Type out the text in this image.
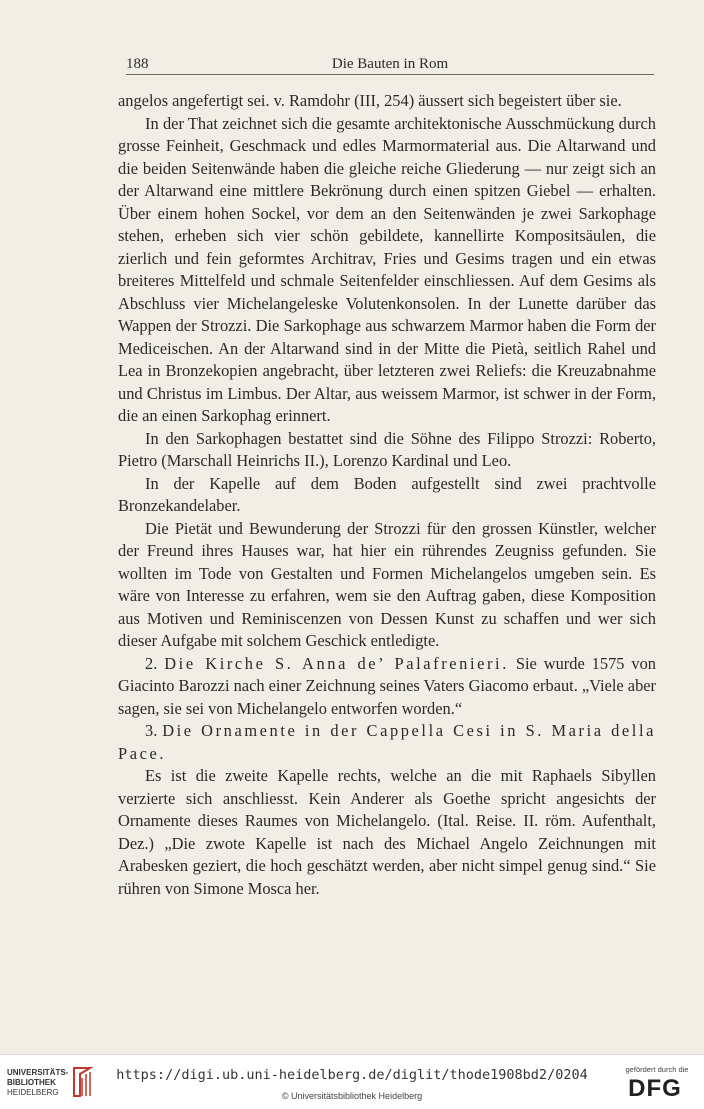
188	Die Bauten in Rom

angelos angefertigt sei. v. Ramdohr (III, 254) äussert sich begeistert über sie.

In der That zeichnet sich die gesamte architektonische Ausschmückung durch grosse Feinheit, Geschmack und edles Marmormaterial aus. Die Altarwand und die beiden Seitenwände haben die gleiche reiche Gliederung — nur zeigt sich an der Altarwand eine mittlere Bekrönung durch einen spitzen Giebel — erhalten. Über einem hohen Sockel, vor dem an den Seitenwänden je zwei Sarkophage stehen, erheben sich vier schön gebildete, kannellirte Kompositsäulen, die zierlich und fein geformtes Architrav, Fries und Gesims tragen und ein etwas breiteres Mittelfeld und schmale Seitenfelder einschliessen. Auf dem Gesims als Abschluss vier Michelangeleske Volutenkonsolen. In der Lunette darüber das Wappen der Strozzi. Die Sarkophage aus schwarzem Marmor haben die Form der Mediceischen. An der Altarwand sind in der Mitte die Pietà, seitlich Rahel und Lea in Bronzekopien angebracht, über letzteren zwei Reliefs: die Kreuzabnahme und Christus im Limbus. Der Altar, aus weissem Marmor, ist schwer in der Form, die an einen Sarkophag erinnert.

In den Sarkophagen bestattet sind die Söhne des Filippo Strozzi: Roberto, Pietro (Marschall Heinrichs II.), Lorenzo Kardinal und Leo.

In der Kapelle auf dem Boden aufgestellt sind zwei prachtvolle Bronzekandelaber.

Die Pietät und Bewunderung der Strozzi für den grossen Künstler, welcher der Freund ihres Hauses war, hat hier ein rührendes Zeugniss gefunden. Sie wollten im Tode von Gestalten und Formen Michelangelos umgeben sein. Es wäre von Interesse zu erfahren, wem sie den Auftrag gaben, diese Komposition aus Motiven und Reminiscenzen von Dessen Kunst zu schaffen und wer sich dieser Aufgabe mit solchem Geschick entledigte.

2. Die Kirche S. Anna de’ Palafrenieri. Sie wurde 1575 von Giacinto Barozzi nach einer Zeichnung seines Vaters Giacomo erbaut. „Viele aber sagen, sie sei von Michelangelo entworfen worden.“

3. Die Ornamente in der Cappella Cesi in S. Maria della Pace.

Es ist die zweite Kapelle rechts, welche an die mit Raphaels Sibyllen verzierte sich anschliesst. Kein Anderer als Goethe spricht angesichts der Ornamente dieses Raumes von Michelangelo. (Ital. Reise. II. röm. Aufenthalt, Dez.) „Die zwote Kapelle ist nach des Michael Angelo Zeichnungen mit Arabesken geziert, die hoch geschätzt werden, aber nicht simpel genug sind.“ Sie rühren von Simone Mosca her.

UNIVERSITÄTS-
BIBLIOTHEK
HEIDELBERG
https://digi.ub.uni-heidelberg.de/diglit/thode1908bd2/0204
© Universitätsbibliothek Heidelberg
gefördert durch die
DFG
